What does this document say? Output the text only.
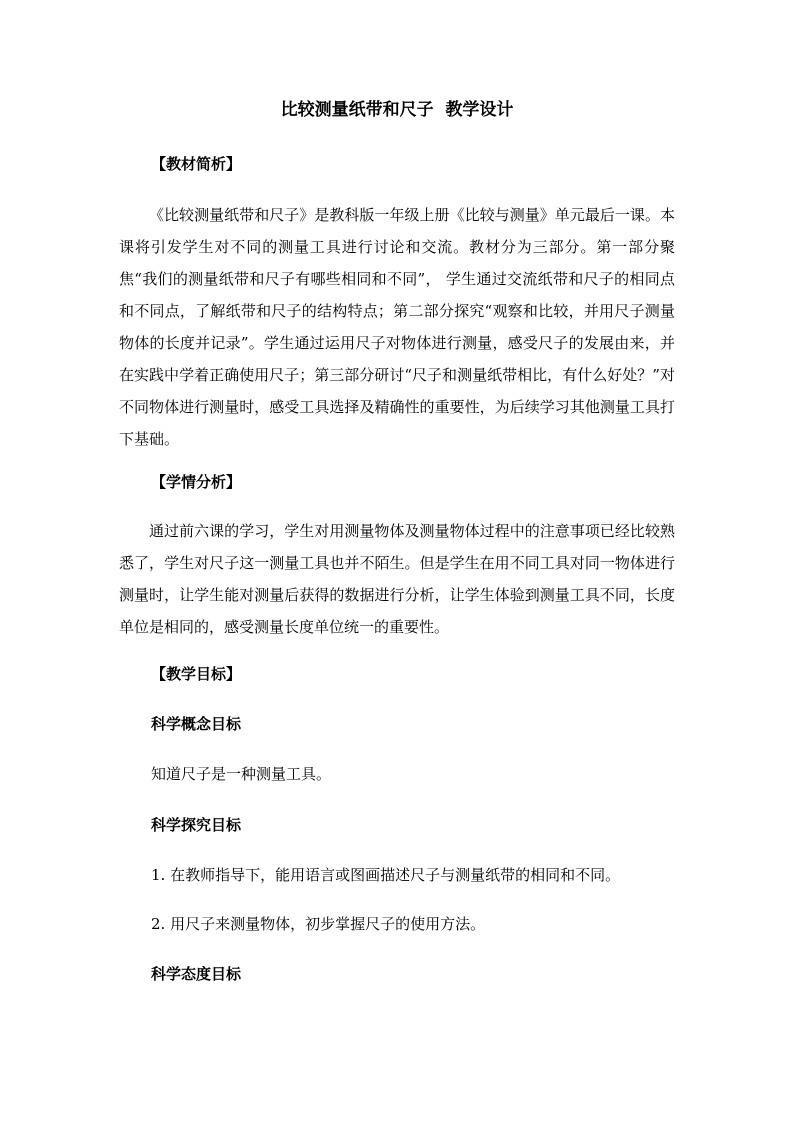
比较测量纸带和尺子  教学设计
【教材简析】

《比较测量纸带和尺子》是教科版一年级上册《比较与测量》单元最后一课。本课将引发学生对不同的测量工具进行讨论和交流。教材分为三部分。第一部分聚焦“我们的测量纸带和尺子有哪些相同和不同”， 学生通过交流纸带和尺子的相同点和不同点，了解纸带和尺子的结构特点；第二部分探究“观察和比较，并用尺子测量物体的长度并记录”。学生通过运用尺子对物体进行测量，感受尺子的发展由来，并在实践中学着正确使用尺子；第三部分研讨“尺子和测量纸带相比，有什么好处？”对不同物体进行测量时，感受工具选择及精确性的重要性，为后续学习其他测量工具打下基础。

【学情分析】

通过前六课的学习，学生对用测量物体及测量物体过程中的注意事项已经比较熟悉了，学生对尺子这一测量工具也并不陌生。但是学生在用不同工具对同一物体进行测量时，让学生能对测量后获得的数据进行分析，让学生体验到测量工具不同，长度单位是相同的，感受测量长度单位统一的重要性。

【教学目标】
科学概念目标
知道尺子是一种测量工具。
科学探究目标
1. 在教师指导下，能用语言或图画描述尺子与测量纸带的相同和不同。
2. 用尺子来测量物体，初步掌握尺子的使用方法。
科学态度目标
